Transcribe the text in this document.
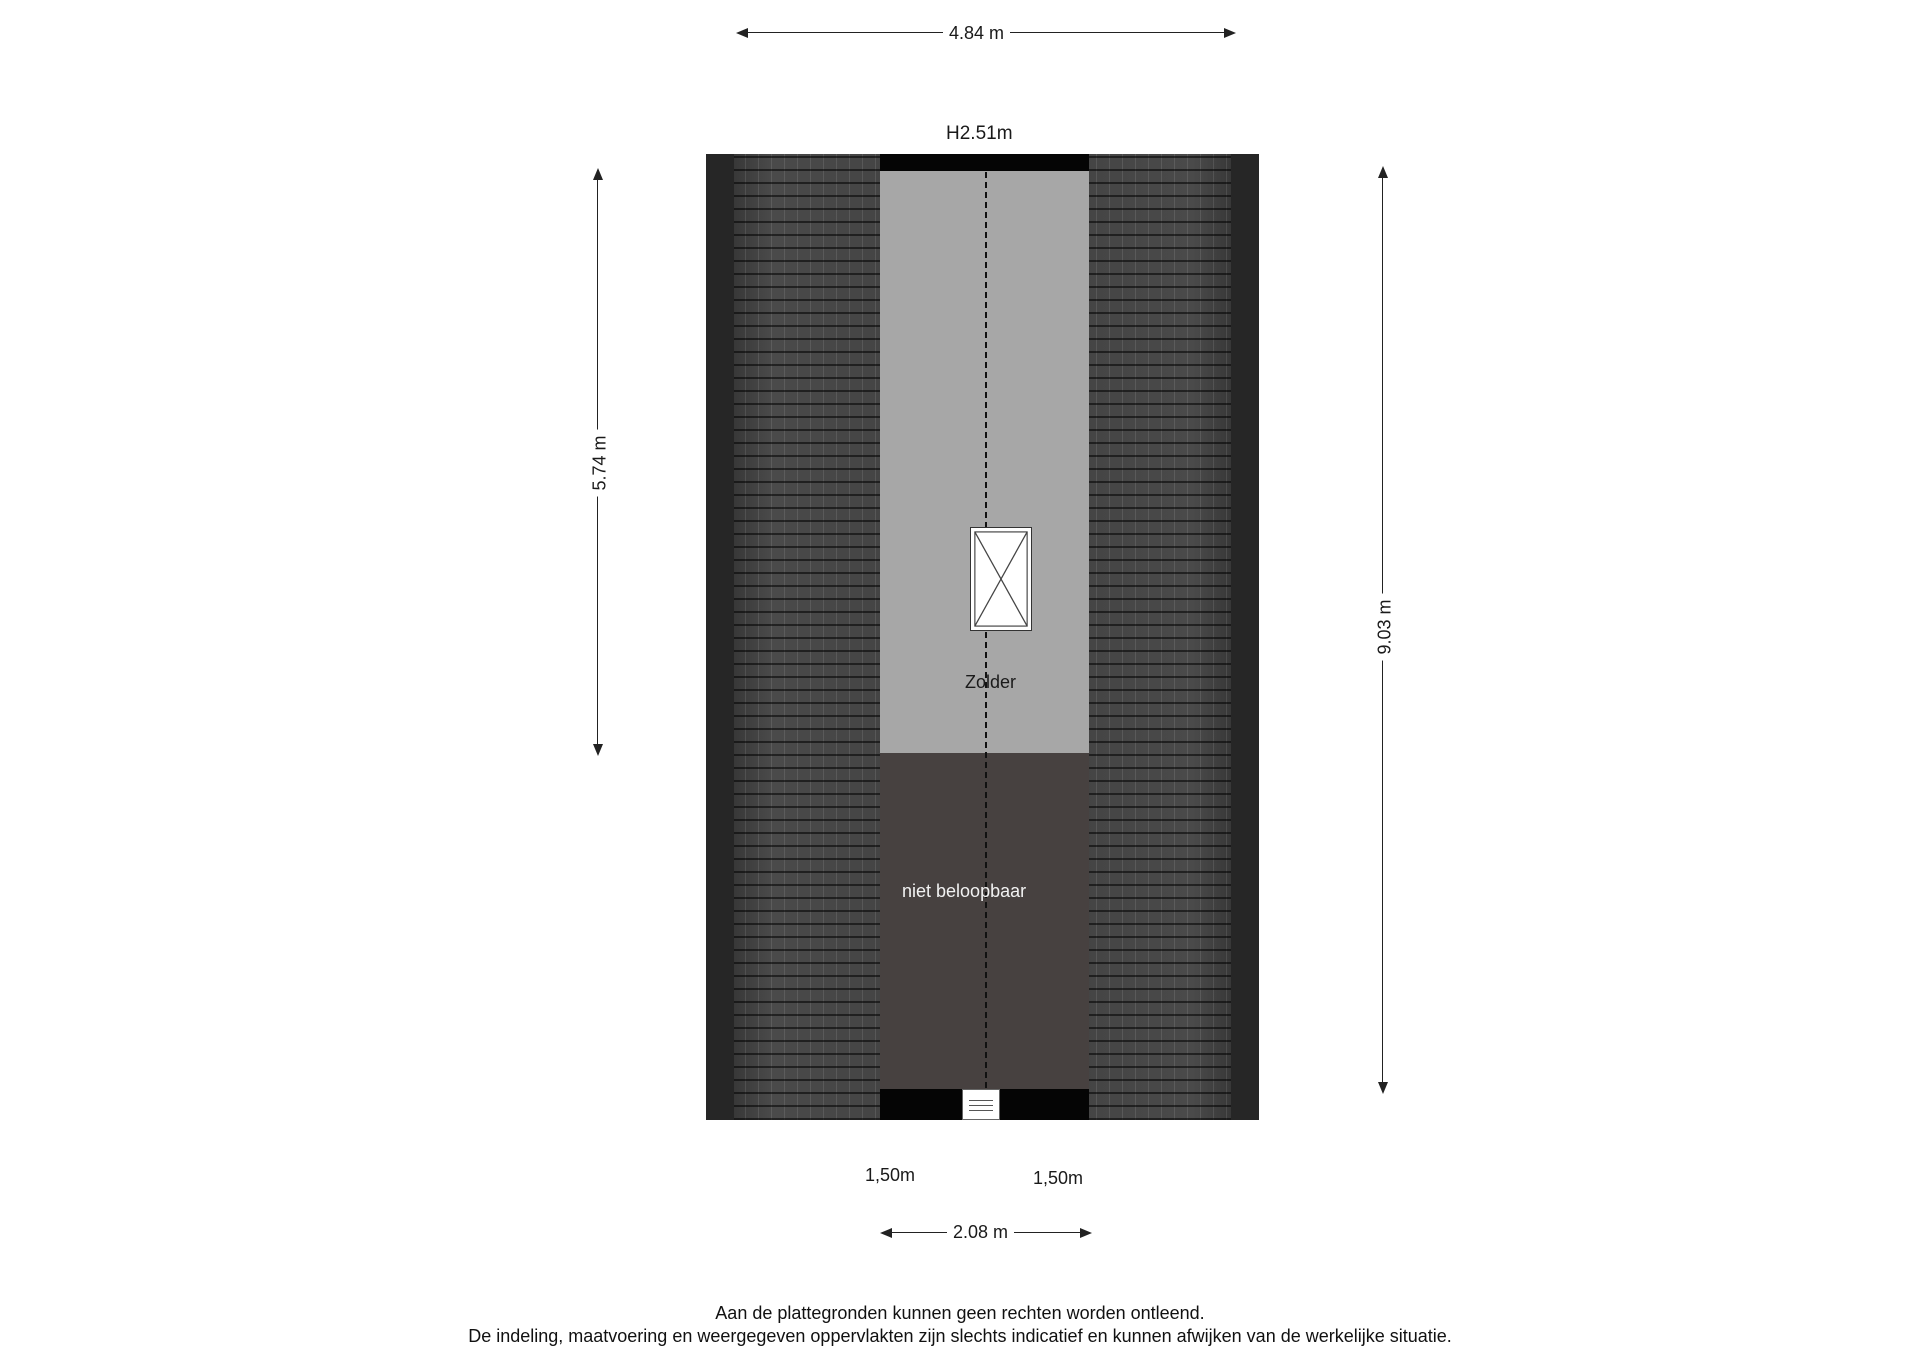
4.84 m
H2.51m
5.74 m
9.03 m
Zolder
niet beloopbaar
1,50m	1,50m
2.08 m
Aan de plattegronden kunnen geen rechten worden ontleend.
De indeling, maatvoering en weergegeven oppervlakten zijn slechts indicatief en kunnen afwijken van de werkelijke situatie.
